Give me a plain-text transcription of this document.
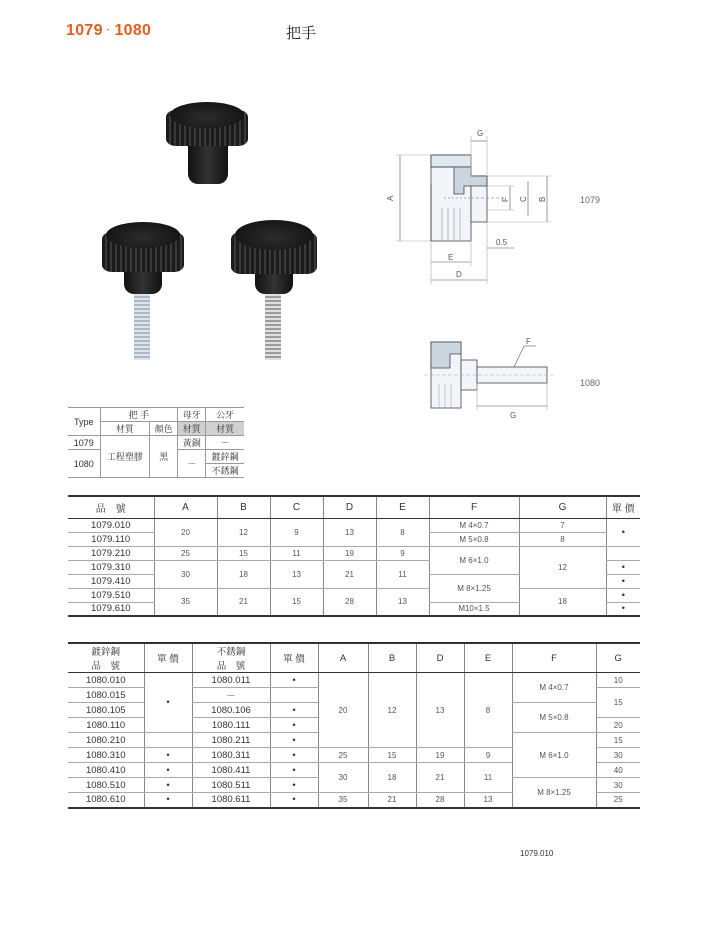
1079 · 1080	把手
G
A	F C B
0.5
E
D
1079
F
G
1080
Type	把 手		母牙	公牙
	材質	顏色	材質	材質
1079	工程塑膠	黑	黃銅	－
1080			－	鍍鋅鋼
				不銹鋼
品　號	A	B	C	D	E	F	G	單 價
1079.010	20	12	9	13	8	M 4×0.7	7	•
1079.110						M 5×0.8	8	
1079.210	25	15	11	19	9	M 6×1.0	12	
1079.310	30	18	13	21	11			•
1079.410						M 8×1.25		•
1079.510	35	21	15	28	13		18	•
1079.610						M10×1.5		•
鍍鋅鋼
品　號	單 價	不銹鋼
品　號	單 價	A	B	D	E	F	G
1080.010	•	1080.011	•	20	12	13	8	M 4×0.7	10
1080.015		－							15
1080.105		1080.106	•					M 5×0.8	
1080.110		1080.111	•						20
1080.210		1080.211	•					M 6×1.0	15
1080.310	•	1080.311	•	25	15	19	9		30
1080.410	•	1080.411	•	30	18	21	11		40
1080.510	•	1080.511	•					M 8×1.25	30
1080.610	•	1080.611	•	35	21	28	13		25
1079.010
